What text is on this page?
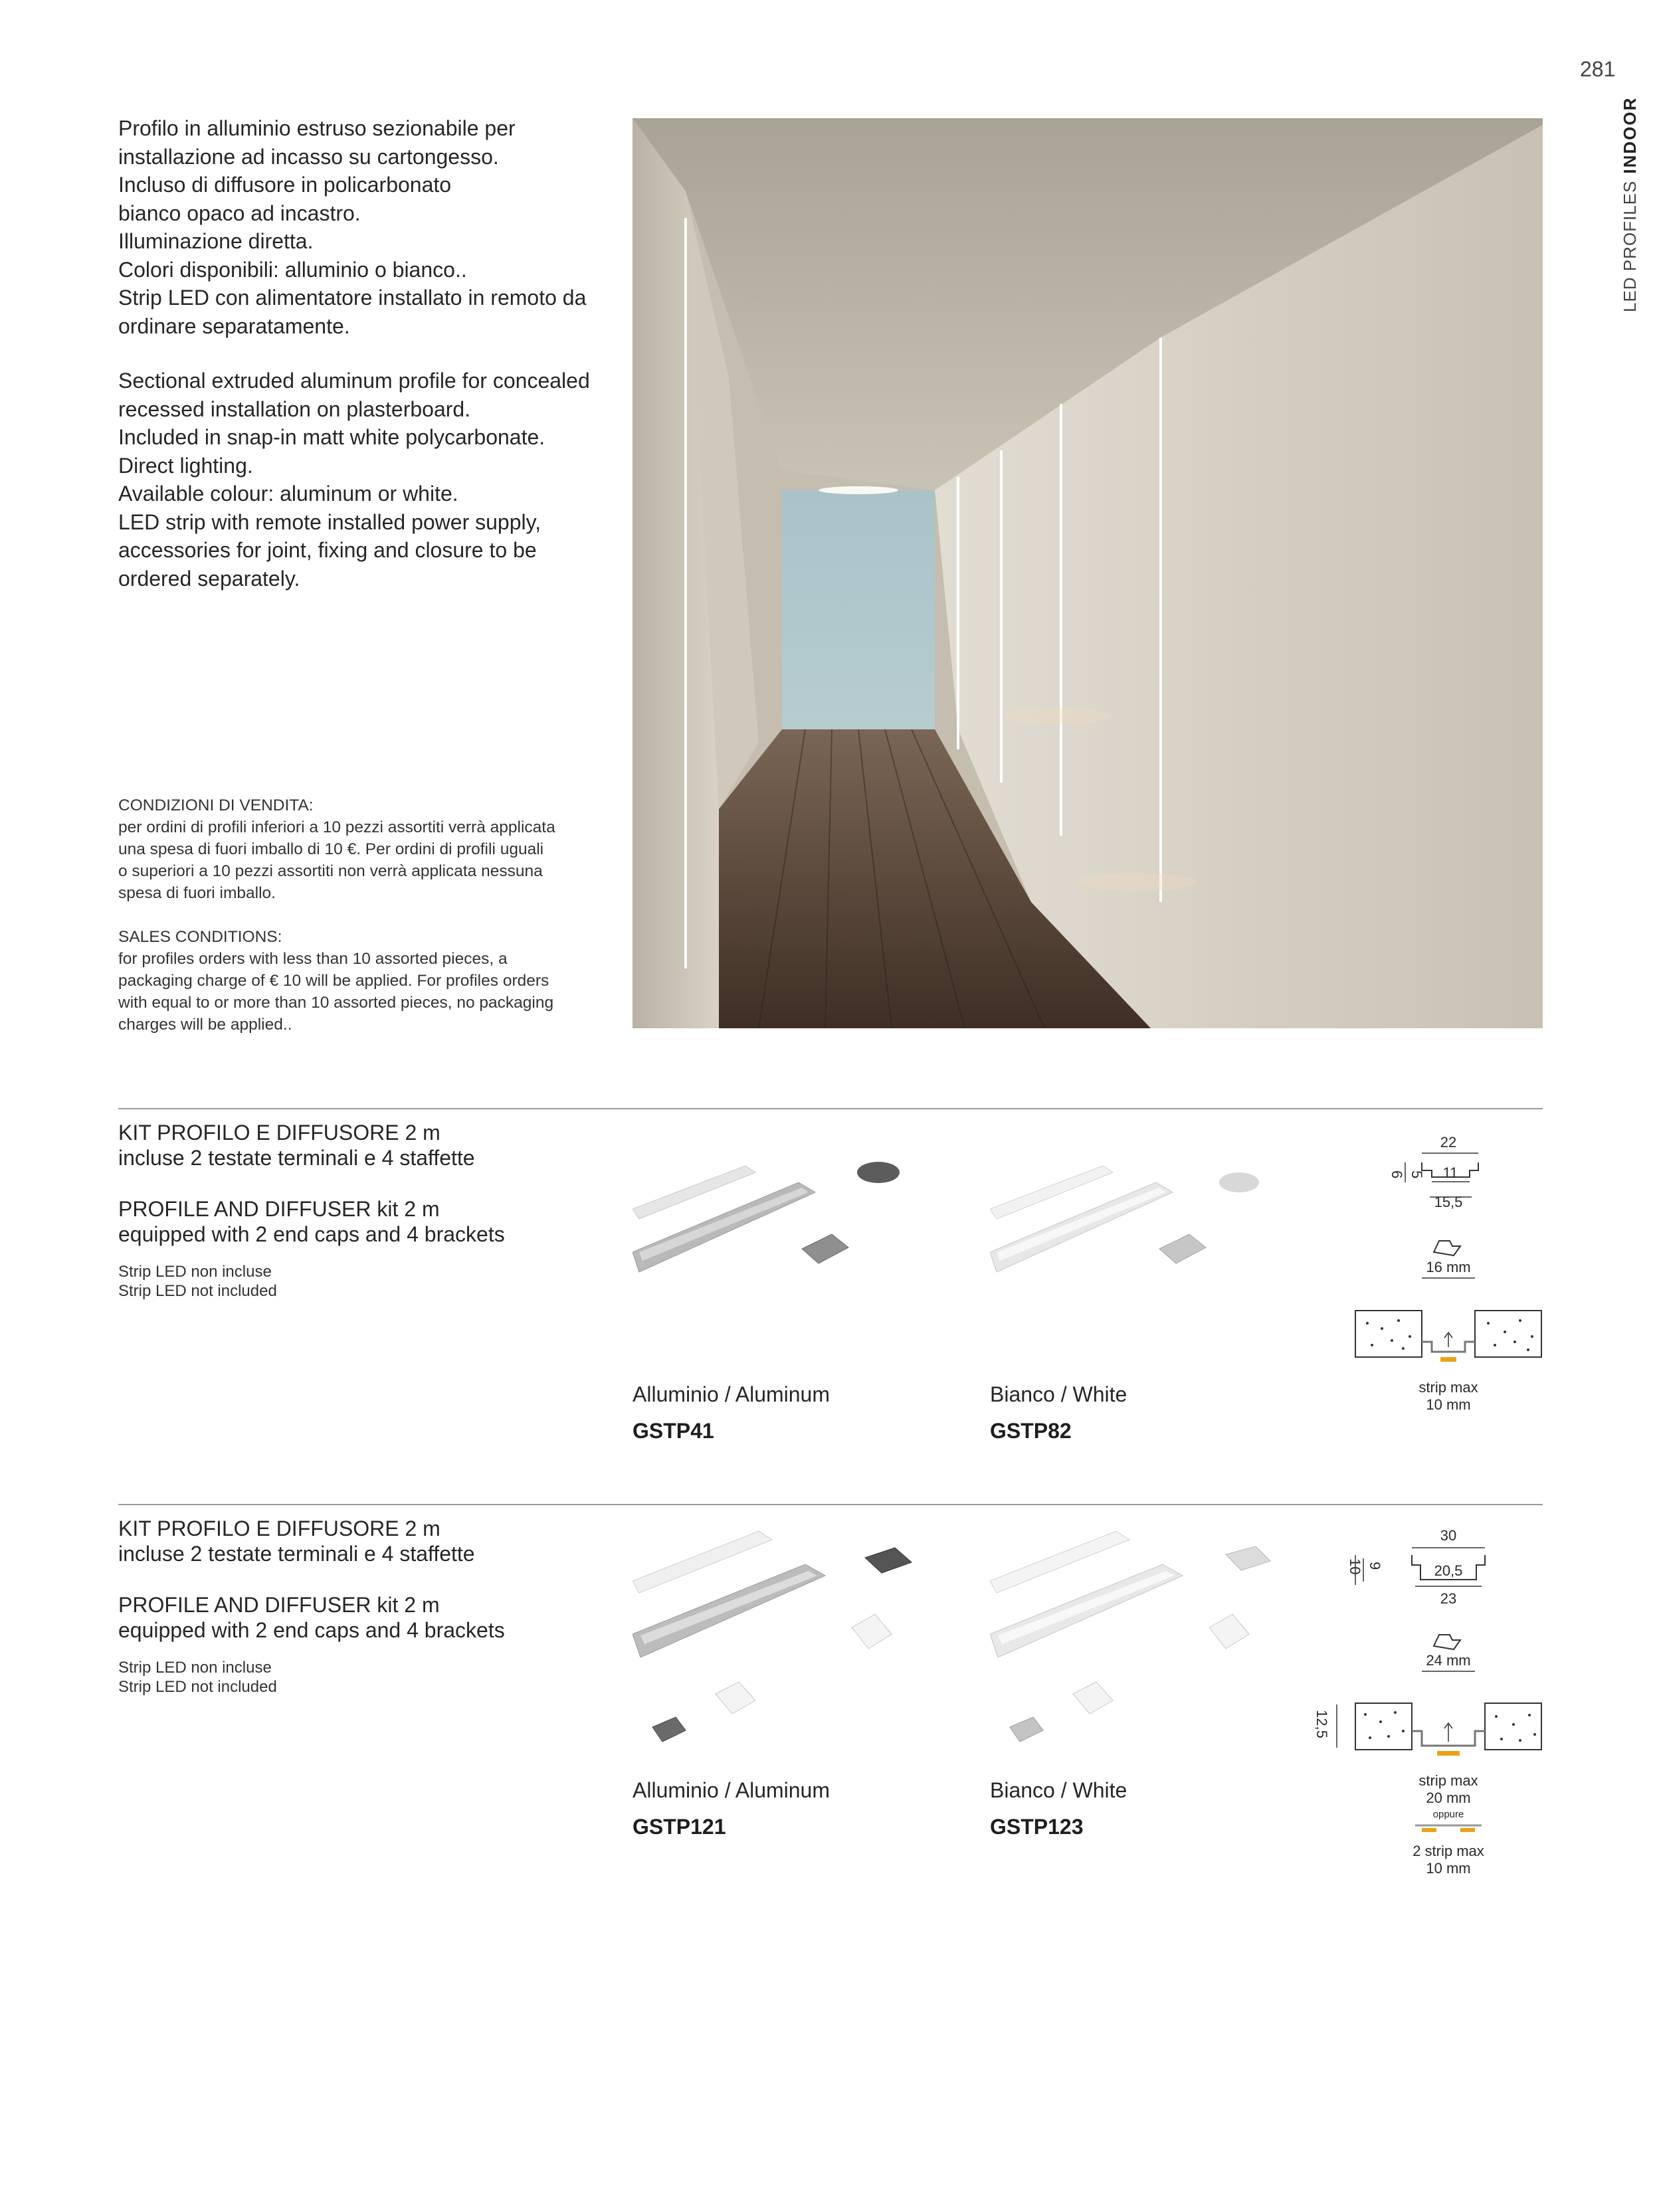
281
LED PROFILESINDOOR
Profilo in alluminio estruso sezionabile per
installazione ad incasso su cartongesso.
Incluso di diffusore in policarbonato
bianco opaco ad incastro.
Illuminazione diretta.
Colori disponibili: alluminio o bianco..
Strip LED con alimentatore installato in remoto da
ordinare separatamente.
Sectional extruded aluminum profile for concealed
recessed installation on plasterboard.
Included in snap-in matt white polycarbonate.
Direct lighting.
Available colour: aluminum or white.
LED strip with remote installed power supply,
accessories for joint, fixing and closure to be
ordered separately.
CONDIZIONI DI VENDITA:
per ordini di profili inferiori a 10 pezzi assortiti verrà applicata
una spesa di fuori imballo di 10 €. Per ordini di profili uguali
o superiori a 10 pezzi assortiti non verrà applicata nessuna
spesa di fuori imballo.
SALES CONDITIONS:
for profiles orders with less than 10 assorted pieces, a
packaging charge of € 10 will be applied. For profiles orders
with equal to or more than 10 assorted pieces, no packaging
charges will be applied..
KIT PROFILO E DIFFUSORE 2 m
incluse 2 testate terminali e 4 staffette
PROFILE AND DIFFUSER kit 2 m
equipped with 2 end caps and 4 brackets
Strip LED non incluse
Strip LED not included
Alluminio / Aluminum
GSTP41
Bianco / White
GSTP82
22
11
15,5
6 5
16 mm
strip max
10 mm
KIT PROFILO E DIFFUSORE 2 m
incluse 2 testate terminali e 4 staffette
PROFILE AND DIFFUSER kit 2 m
equipped with 2 end caps and 4 brackets
Strip LED non incluse
Strip LED not included
Alluminio / Aluminum
GSTP121
Bianco / White
GSTP123
30
20,5
23
10 9
24 mm
12,5
strip max
20 mm
oppure
2 strip max
10 mm
